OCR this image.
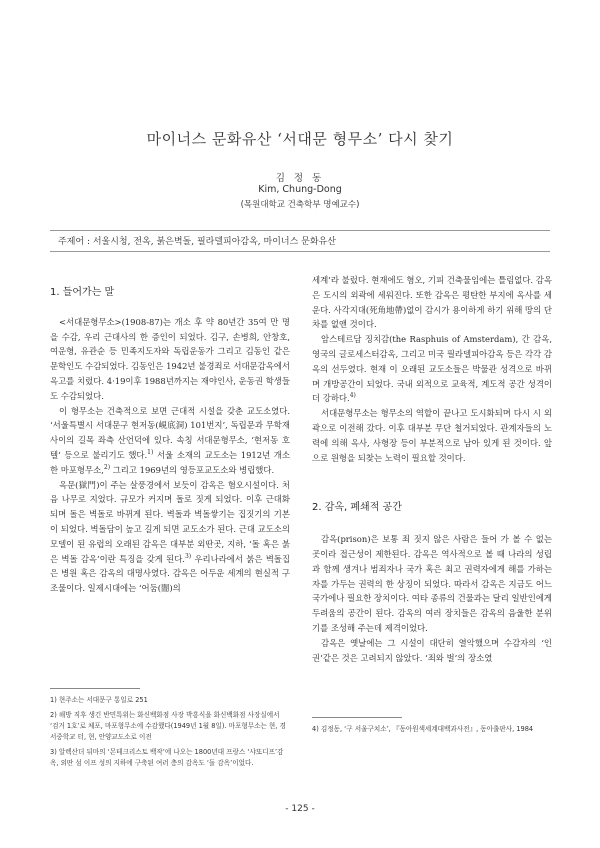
마이너스 문화유산 ‘서대문 형무소’ 다시 찾기
김 정 동
Kim, Chung-Dong
(목원대학교 건축학부 명예교수)
주제어 : 서울시청, 전옥, 붉은벽돌, 필라델피아감옥, 마이너스 문화유산
1. 들어가는 말

<서대문형무소>(1908-87)는 개소 후 약 80년간 35여 만 명을 수감, 우리 근대사의 한 증인이 되었다. 김구, 손병희, 안창호, 여운형, 유관순 등 민족지도자와 독립운동가 그리고 김동인 같은 문학인도 수감되었다. 김동인은 1942년 불경죄로 서대문감옥에서 옥고를 치렀다. 4·19이후 1988년까지는 재야인사, 운동권 학생들도 수감되었다.

이 형무소는 건축적으로 보면 근대적 시설을 갖춘 교도소였다. ‘서울특별시 서대문구 현저동(峴底洞) 101번지’, 독립문과 무학재 사이의 길목 좌측 산언덕에 있다. 속칭 서대문형무소, ‘현저동 호텔’ 등으로 불리기도 했다.$^{1)}$ 서울 소재의 교도소는 1912년 개소한 마포형무소,$^{2)}$ 그리고 1969년의 영등포교도소와 병립했다.

옥문(獄門)이 주는 살풍경에서 보듯이 감옥은 혐오시설이다. 처음 나무로 지었다. 규모가 커지며 돌로 짓게 되었다. 이후 근대화 되며 돌은 벽돌로 바뀌게 된다. 벽돌과 벽돌쌓기는 집짓기의 기본이 되었다. 벽돌담이 높고 길게 되면 교도소가 된다. 근대 교도소의 모델이 된 유럽의 오래된 감옥은 대부분 외딴곳, 지하, ‘돌 혹은 붉은 벽돌 감옥’이란 특징을 갖게 된다.$^{3)}$ 우리나라에서 붉은 벽돌집은 병원 혹은 감옥의 대명사였다. 감옥은 어두운 세계의 현실적 구조물이다. 일제시대에는 ‘어둠(闇)의

1) 현주소는 서대문구 통일로 251
2) 해방 직후 생긴 반민특위는 화신백화점 사장 박흥식을 화신백화점 사장실에서 ‘검거 1호’로 체포, 마포형무소에 수감했다(1949년 1월 8일). 마포형무소는 현, 경서중학교 터, 현, 안양교도소로 이전
3) 알렉산더 뒤마의 ‘몬테크리스토 백작’에 나오는 1800년대 프랑스 ‘샤또디프’감옥, 외딴 섬 이프 성의 지하에 구축된 여러 층의 감옥도 ‘돌 감옥’이었다.

세계’라 불렀다. 현재에도 혐오, 기피 건축물임에는 틀림없다. 감옥은 도시의 외곽에 세워진다. 또한 감옥은 평탄한 부지에 옥사를 세운다. 사각지대(死角地帶)없이 감시가 용이하게 하기 위해 땅의 단차를 없앤 것이다.

암스테르담 징치감(the Rasphuis of Amsterdam), 간 감옥, 영국의 글로세스터감옥, 그리고 미국 필라델피아감옥 등은 각각 감옥의 선두였다. 현재 이 오래된 교도소들은 박물관 성격으로 바뀌며 개방공간이 되었다. 국내 외적으로 교육적, 계도적 공간 성격이 더 강하다.$^{4)}$

서대문형무소는 형무소의 역할이 끝나고 도시화되며 다시 시 외곽으로 이전해 갔다. 이후 대부분 무단 철거되었다. 관계자들의 노력에 의해 옥사, 사형장 등이 부분적으로 남아 있게 된 것이다. 앞으로 원형을 되찾는 노력이 필요할 것이다.

2. 감옥, 폐쇄적 공간

감옥(prison)은 보통 죄 짓지 않은 사람은 들어 가 볼 수 없는 곳이라 접근성이 제한된다. 감옥은 역사적으로 볼 때 나라의 성립과 함께 생겨나 범죄자나 국가 혹은 최고 권력자에게 해를 가하는 자를 가두는 권력의 한 상징이 되었다. 따라서 감옥은 지금도 어느 국가에나 필요한 장치이다. 여타 종류의 건물과는 달리 일반인에게 두려움의 공간이 된다. 감옥의 여러 장치들은 감옥의 음울한 분위기를 조성해 주는데 제격이었다.

감옥은 옛날에는 그 시설이 대단히 열악했으며 수감자의 ‘인권’같은 것은 고려되지 않았다. ‘죄와 벌’의 장소였

4) 김정동, ‘구 서울구치소’, 『동아원색세계대백과사전』, 동아출판사, 1984
- 125 -
